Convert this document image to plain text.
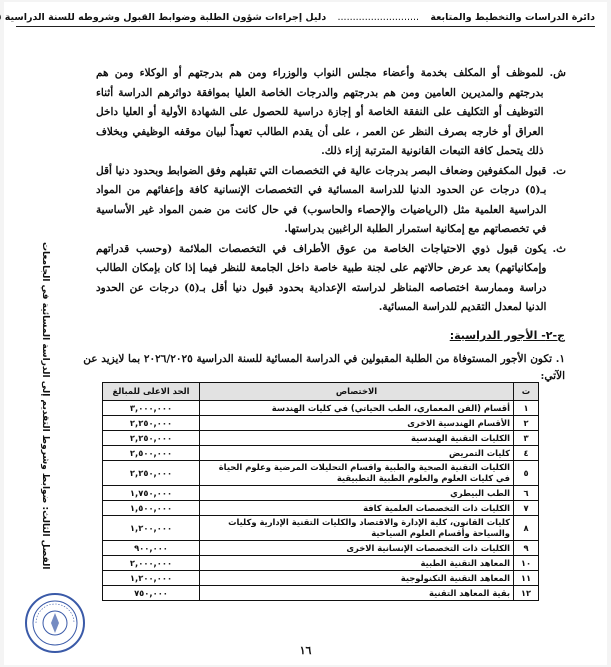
دائرة الدراسات والتخطيط والمتابعة ........................... دليل إجراءات شؤون الطلبة وضوابط القبول وشروطه للسنة الدراسية
الفصل الثالث: ضوابط وشروط التقديم إلى الدراسة المسائية في الجامعات
ش.
للموظف أو المكلف بخدمة وأعضاء مجلس النواب والوزراء ومن هم بدرجتهم أو الوكلاء ومن هم بدرجتهم والمديرين العامين ومن هم بدرجتهم والدرجات الخاصة العليا بموافقة دوائرهم الدراسة أثناء التوظيف أو التكليف على النفقة الخاصة أو إجازة دراسية للحصول على الشهادة الأولية أو العليا داخل العراق أو خارجه بصرف النظر عن العمر ، على أن يقدم الطالب تعهداً لبيان موقفه الوظيفي وبخلاف ذلك يتحمل كافة التبعات القانونية المترتبة إزاء ذلك.
ت.
قبول المكفوفين وضعاف البصر بدرجات عالية في التخصصات التي تقبلهم وفق الضوابط وبحدود دنيا أقل بـ(٥) درجات عن الحدود الدنيا للدراسة المسائية في التخصصات الإنسانية كافة وإعفائهم من المواد الدراسية العلمية مثل (الرياضيات والإحصاء والحاسوب) في حال كانت من ضمن المواد غير الأساسية في تخصصاتهم مع إمكانية استمرار الطلبة الراغبين بدراستها.
ث.
يكون قبول ذوي الاحتياجات الخاصة من عوق الأطراف في التخصصات الملائمة (وحسب قدراتهم وإمكانياتهم) بعد عرض حالاتهم على لجنة طبية خاصة داخل الجامعة للنظر فيما إذا كان بإمكان الطالب دراسة وممارسة اختصاصه المناظر لدراسته الإعدادية بحدود قبول دنيا أقل بـ(٥) درجات عن الحدود الدنيا لمعدل التقديم للدراسة المسائية.
ج-٢- الأجور الدراسية:
١. تكون الأجور المستوفاة من الطلبة المقبولين في الدراسة المسائية للسنة الدراسية ٢٠٢٦/٢٠٢٥ بما لايزيد عن الآتي:
ت	الاختصاص	الحد الاعلى للمبالغ
١	أقسام (الفن المعماري، الطب الحياتي) في كليات الهندسة	٣,٠٠٠,٠٠٠
٢	الأقسام الهندسية الاخرى	٢,٢٥٠,٠٠٠
٣	الكليات التقنية الهندسية	٢,٢٥٠,٠٠٠
٤	كليات التمريض	٢,٥٠٠,٠٠٠
٥	الكليات التقنية الصحية والطبية واقسام التحليلات المرضية وعلوم الحياة في كليات العلوم والعلوم الطبية التطبيقية	٢,٢٥٠,٠٠٠
٦	الطب البيطري	١,٧٥٠,٠٠٠
٧	الكليات ذات التخصصات العلمية كافة	١,٥٠٠,٠٠٠
٨	كليات القانون، كلية الإدارة والاقتصاد والكليات التقنية الإدارية وكليات والسياحة وأقسام العلوم السياحية	١,٢٠٠,٠٠٠
٩	الكليات ذات التخصصات الإنسانية الاخرى	٩٠٠,٠٠٠
١٠	المعاهد التقنية الطبية	٢,٠٠٠,٠٠٠
١١	المعاهد التقنية التكنولوجية	١,٢٠٠,٠٠٠
١٢	بقية المعاهد التقنية	٧٥٠,٠٠٠
١٦
